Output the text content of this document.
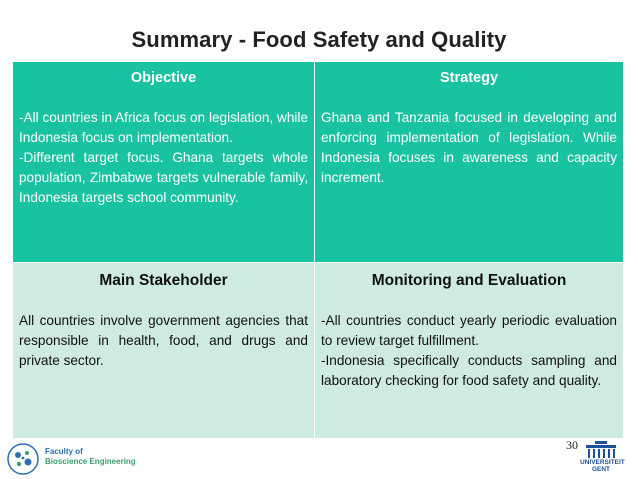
Summary - Food Safety and Quality
Objective
-All countries in Africa focus on legislation, while Indonesia focus on implementation.
-Different target focus. Ghana targets whole population, Zimbabwe targets vulnerable family, Indonesia targets school community.
Strategy
Ghana and Tanzania focused in developing and enforcing implementation of legislation. While Indonesia focuses in awareness and capacity increment.
Main Stakeholder
All countries involve government agencies that responsible in health, food, and drugs and private sector.
Monitoring and Evaluation
-All countries conduct yearly periodic evaluation to review target fulfillment.
-Indonesia specifically conducts sampling and laboratory checking for food safety and quality.
Faculty of
Bioscience Engineering
30
UNIVERSITEIT
GENT
